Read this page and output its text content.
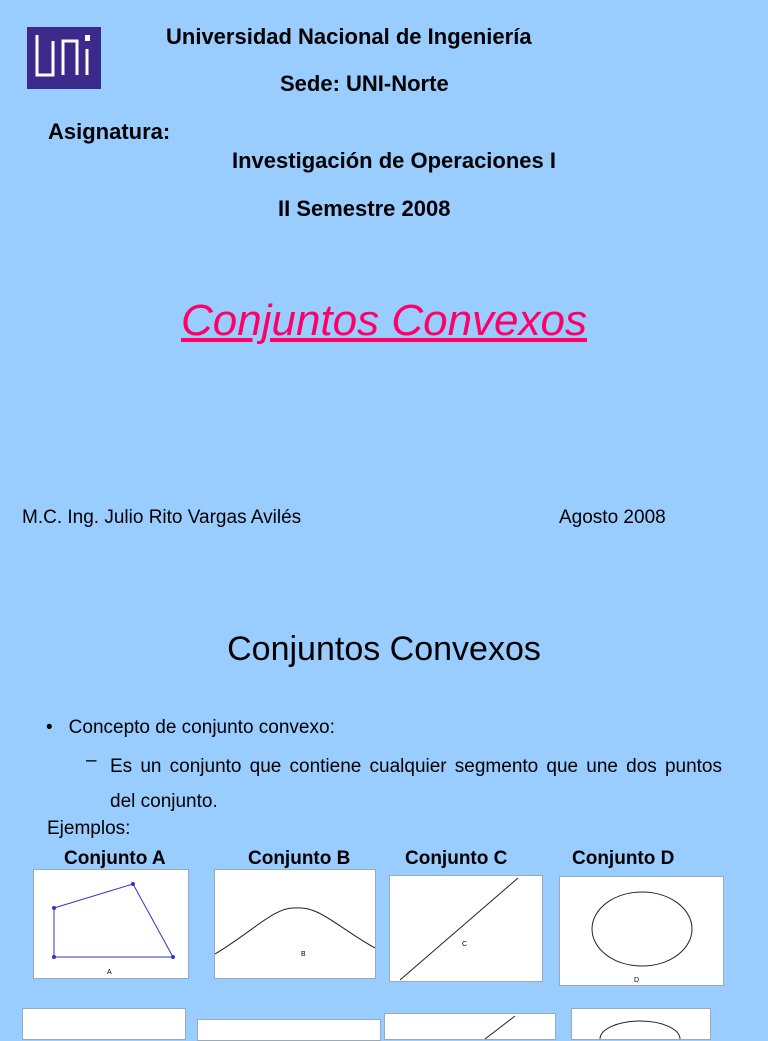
Universidad Nacional de Ingeniería
Sede: UNI-Norte
Asignatura:
Investigación de Operaciones I
II Semestre 2008
Conjuntos Convexos
M.C. Ing. Julio Rito Vargas Avilés	Agosto 2008
Conjuntos Convexos
• Concepto de conjunto convexo:
– Es un conjunto que contiene cualquier segmento que une dos puntos del conjunto.
Ejemplos:
Conjunto A	Conjunto B	Conjunto C	Conjunto D
A
B
C
D
